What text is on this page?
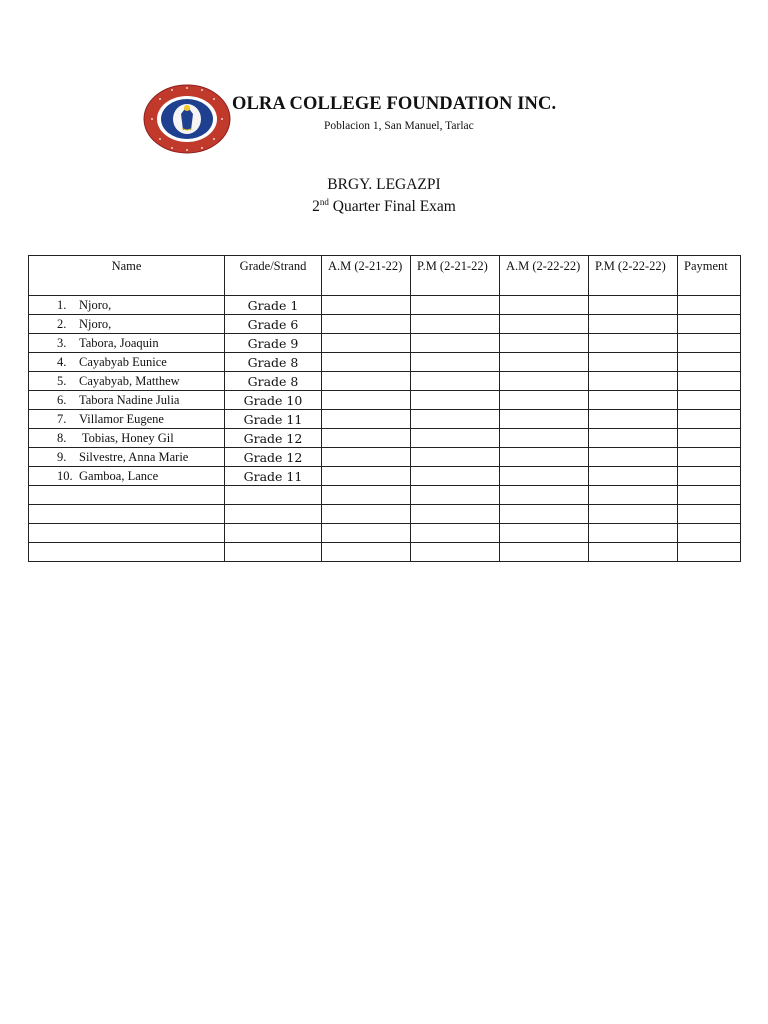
OLRA COLLEGE FOUNDATION INC.
Poblacion 1, San Manuel, Tarlac
BRGY. LEGAZPI
2nd Quarter Final Exam
Name	Grade/Strand	A.M (2-21-22)	P.M (2-21-22)	A.M (2-22-22)	P.M (2-22-22)	Payment
1. Njoro,	Grade 1					
2. Njoro,	Grade 6					
3. Tabora, Joaquin	Grade 9					
4. Cayabyab Eunice	Grade 8					
5. Cayabyab, Matthew	Grade 8					
6. Tabora Nadine Julia	Grade 10					
7. Villamor Eugene	Grade 11					
8. Tobias, Honey Gil	Grade 12					
9. Silvestre, Anna Marie	Grade 12					
10. Gamboa, Lance	Grade 11					
